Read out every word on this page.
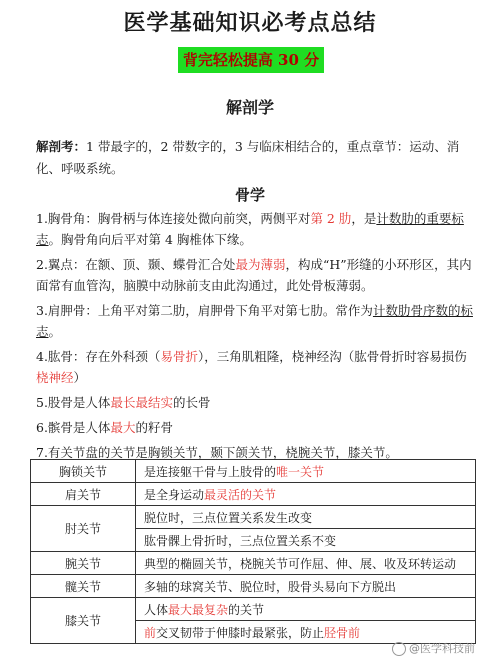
医学基础知识必考点总结
背完轻松提高 30 分
解剖学
解剖考：1 带最字的，2 带数字的，3 与临床相结合的，重点章节：运动、消化、呼吸系统。
骨学
1.胸骨角：胸骨柄与体连接处微向前突，两侧平对第 2 肋，是计数肋的重要标志。胸骨角向后平对第 4 胸椎体下缘。
2.翼点：在额、顶、颞、蝶骨汇合处最为薄弱，构成“H”形缝的小环形区，其内面常有血管沟，脑膜中动脉前支由此沟通过，此处骨板薄弱。
3.肩胛骨：上角平对第二肋，肩胛骨下角平对第七肋。常作为计数肋骨序数的标志。
4.肱骨：存在外科颈（易骨折），三角肌粗隆，桡神经沟（肱骨骨折时容易损伤桡神经）
5.股骨是人体最长最结实的长骨
6.髌骨是人体最大的籽骨
7.有关节盘的关节是胸锁关节，颞下颌关节，桡腕关节，膝关节。
胸锁关节	是连接躯干骨与上肢骨的唯一关节
肩关节	是全身运动最灵活的关节
肘关节	脱位时，三点位置关系发生改变
	肱骨髁上骨折时，三点位置关系不变
腕关节	典型的椭圆关节，桡腕关节可作屈、伸、展、收及环转运动
髋关节	多轴的球窝关节、脱位时，股骨头易向下方脱出
膝关节	人体最大最复杂的关节
	前交叉韧带于伸膝时最紧张，防止胫骨前
@医学科技前
